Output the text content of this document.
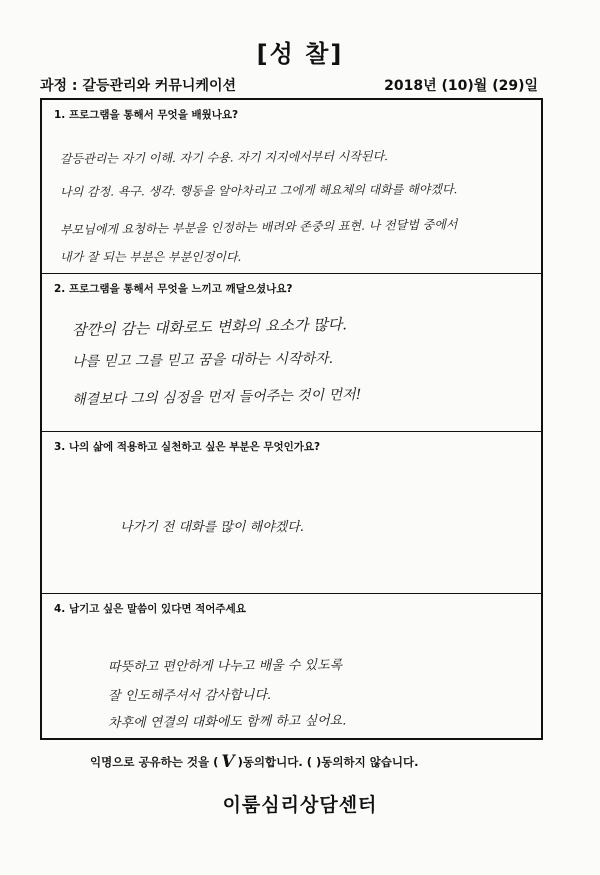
[성 찰]
과정 : 갈등관리와 커뮤니케이션	2018년 (10)월 (29)일
1. 프로그램을 통해서 무엇을 배웠나요?
갈등관리는 자기 이해. 자기 수용. 자기 지지에서부터 시작된다.
나의 감정. 욕구. 생각. 행동을 알아차리고 그에게 해요체의 대화를 해야겠다.
부모님에게 요청하는 부분을 인정하는 배려와 존중의 표현. 나 전달법 중에서
내가 잘 되는 부분은 부분인정이다.
2. 프로그램을 통해서 무엇을 느끼고 깨달으셨나요?
잠깐의 감는 대화로도 변화의 요소가 많다.
나를 믿고 그를 믿고 꿈을 대하는 시작하자.
해결보다 그의 심정을 먼저 들어주는 것이 먼저!
3. 나의 삶에 적용하고 실천하고 싶은 부분은 무엇인가요?
나가기 전 대화를 많이 해야겠다.
4. 남기고 싶은 말씀이 있다면 적어주세요
따뜻하고 편안하게 나누고 배울 수 있도록
잘 인도해주셔서 감사합니다.
차후에 연결의 대화에도 함께 하고 싶어요.
익명으로 공유하는 것을 ( V )동의합니다. ( )동의하지 않습니다.
이룸심리상담센터
